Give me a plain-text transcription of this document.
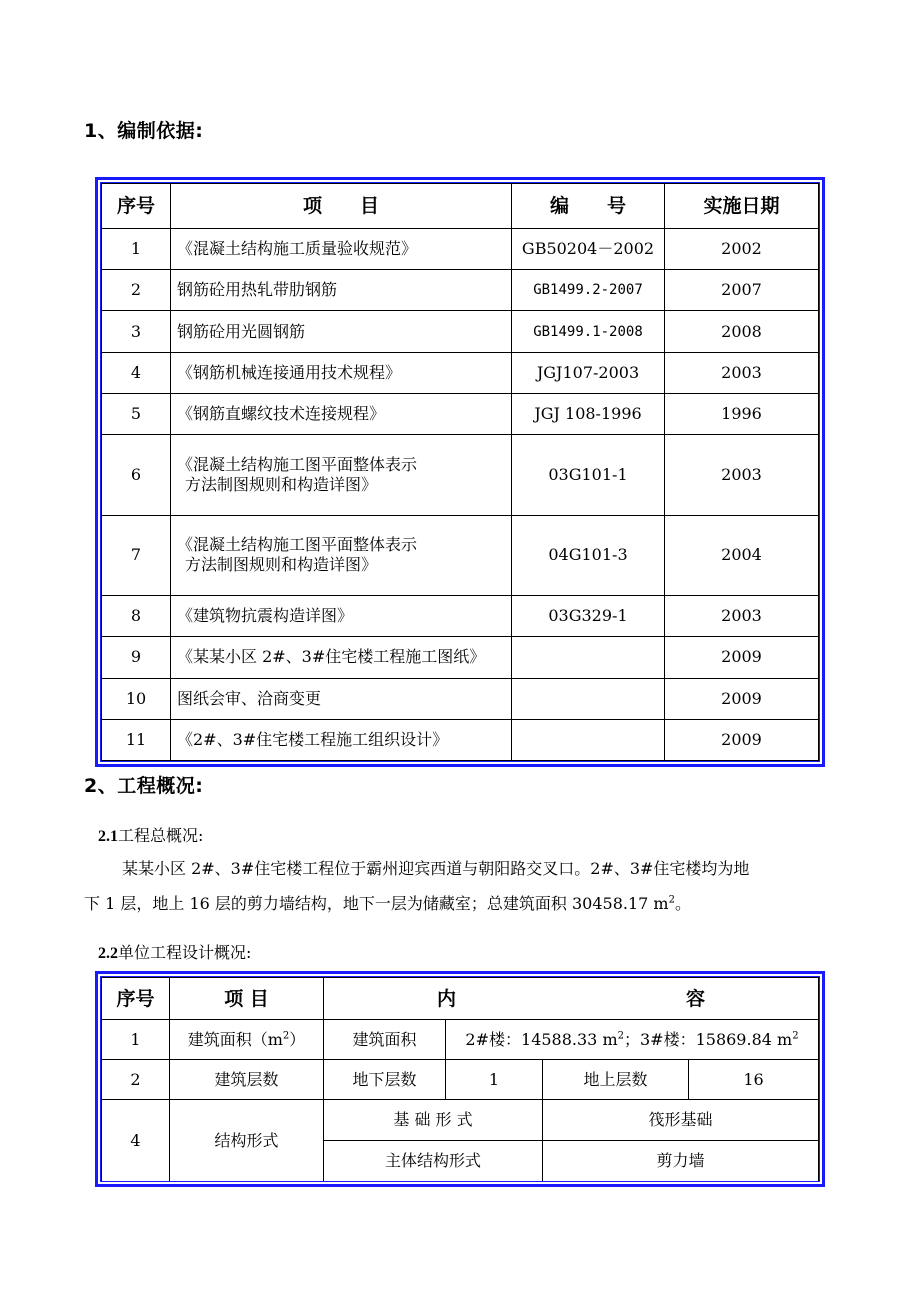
1、编制依据:
序号	项　　目	编　　号	实施日期
1	《混凝土结构施工质量验收规范》	GB50204－2002	2002
2	钢筋砼用热轧带肋钢筋	GB1499.2-2007	2007
3	钢筋砼用光圆钢筋	GB1499.1-2008	2008
4	《钢筋机械连接通用技术规程》	JGJ107-2003	2003
5	《钢筋直螺纹技术连接规程》	JGJ 108-1996	1996
6	《混凝土结构施工图平面整体表示
方法制图规则和构造详图》	03G101-1	2003
7	《混凝土结构施工图平面整体表示
方法制图规则和构造详图》	04G101-3	2004
8	《建筑物抗震构造详图》	03G329-1	2003
9	《某某小区 2#、3#住宅楼工程施工图纸》		2009
10	图纸会审、洽商变更		2009
11	《2#、3#住宅楼工程施工组织设计》		2009
2、工程概况:
2.1工程总概况:
某某小区 2#、3#住宅楼工程位于霸州迎宾西道与朝阳路交叉口。2#、3#住宅楼均为地
下 1 层，地上 16 层的剪力墙结构，地下一层为储藏室；总建筑面积 30458.17 $m^2$。
2.2单位工程设计概况:
序号	项 目	内 容			
1	建筑面积$(m^2)$	建筑面积	2#楼：14588.33 $m^2$；3#楼：15869.84 $m^2$
2	建筑层数	地下层数	1	地上层数	16
4	结构形式	基 础 形 式		筏形基础	
		主体结构形式		剪力墙	
